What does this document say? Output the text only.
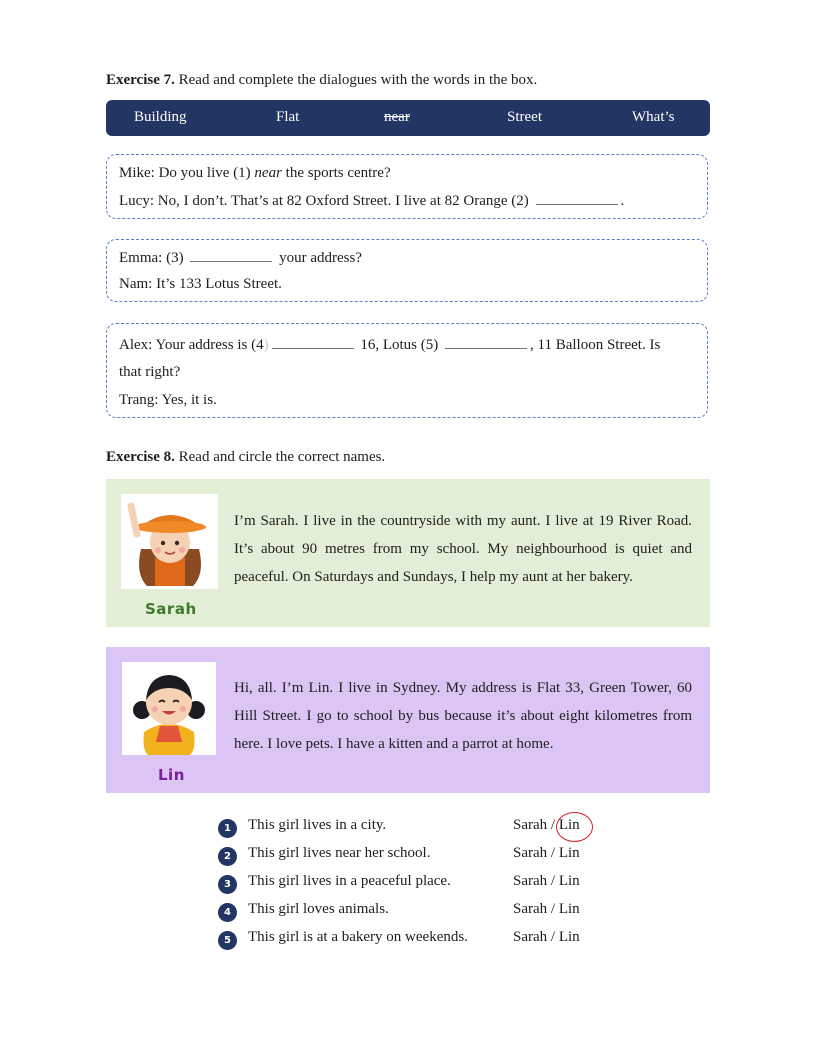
Exercise 7. Read and complete the dialogues with the words in the box.
Building	Flat	near	Street	What’s
Mike: Do you live (1) near the sports centre?
Lucy: No, I don’t. That’s at 82 Oxford Street. I live at 82 Orange (2)	.
Emma: (3)	your address?
Nam: It’s 133 Lotus Street.
Alex: Your address is (4)	16, Lotus (5)	, 11 Balloon Street. Is
that right?
Trang: Yes, it is.
Exercise 8. Read and circle the correct names.
Sarah
I’m Sarah. I live in the countryside with my aunt. I live at 19 River Road. It’s about 90 metres from my school. My neighbourhood is quiet and peaceful. On Saturdays and Sundays, I help my aunt at her bakery.
Lin
Hi, all. I’m Lin. I live in Sydney. My address is Flat 33, Green Tower, 60 Hill Street. I go to school by bus because it’s about eight kilometres from here. I love pets. I have a kitten and a parrot at home.
1	This girl lives in a city.	Sarah / Lin
2	This girl lives near her school.	Sarah / Lin
3	This girl lives in a peaceful place.	Sarah / Lin
4	This girl loves animals.	Sarah / Lin
5	This girl is at a bakery on weekends.	Sarah / Lin
